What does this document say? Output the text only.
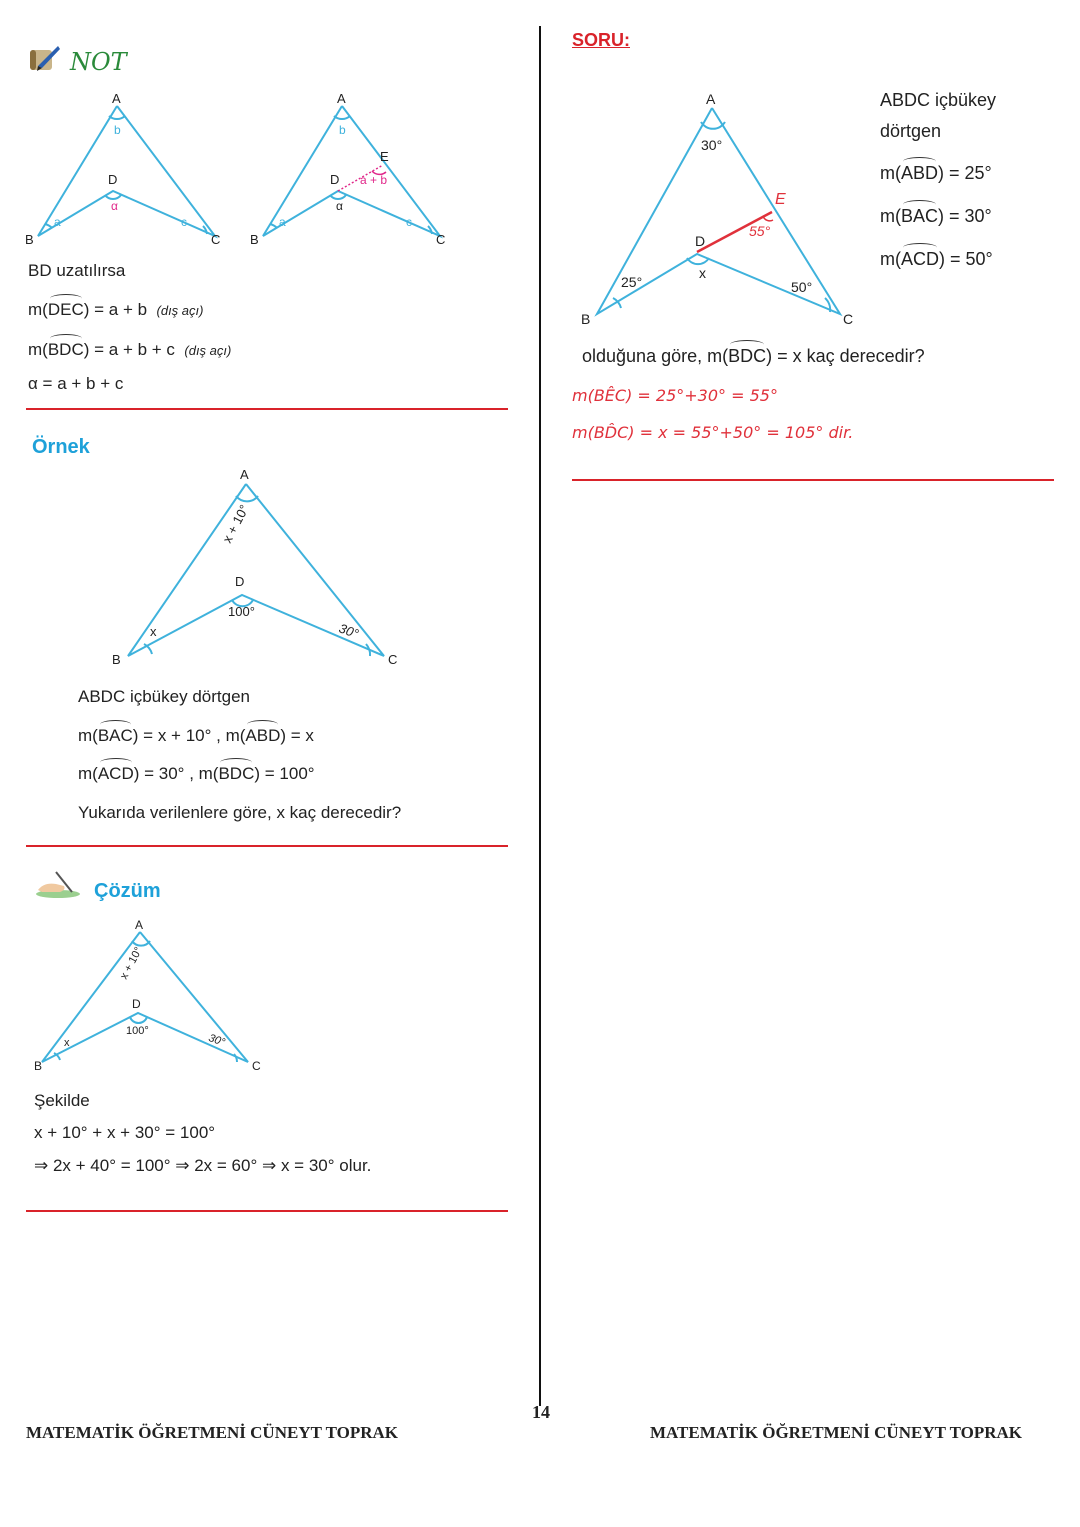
NOT
A
B	C
D
b
a	c
α
A
B	C
D
E
b
a	c
α
a + b
BD uzatılırsa
m(DEC) = a + b (dış açı)
m(BDC) = a + b + c (dış açı)
α = a + b + c
Örnek
A
B	C
D
x + 10°
x	30°
100°
ABDC içbükey dörtgen
m(BAC) = x + 10° , m(ABD) = x
m(ACD) = 30° , m(BDC) = 100°
Yukarıda verilenlere göre, x kaç derecedir?
Çözüm
A
B	C
D
x + 10°
x	30°
100°
Şekilde
x + 10° + x + 30° = 100°
⇒ 2x + 40° = 100° ⇒ 2x = 60° ⇒ x = 30° olur.
SORU:
A
B	C
D
E
30°
25°	50°
x
55°
ABDC içbükey
dörtgen
m(ABD) = 25°
m(BAC) = 30°
m(ACD) = 50°
olduğuna göre, m(BDC) = x kaç derecedir?
m(BÊC) = 25°+30° = 55°
m(BD̂C) = x = 55°+50° = 105° dir.
14
MATEMATİK ÖĞRETMENİ CÜNEYT TOPRAK	MATEMATİK ÖĞRETMENİ CÜNEYT TOPRAK
